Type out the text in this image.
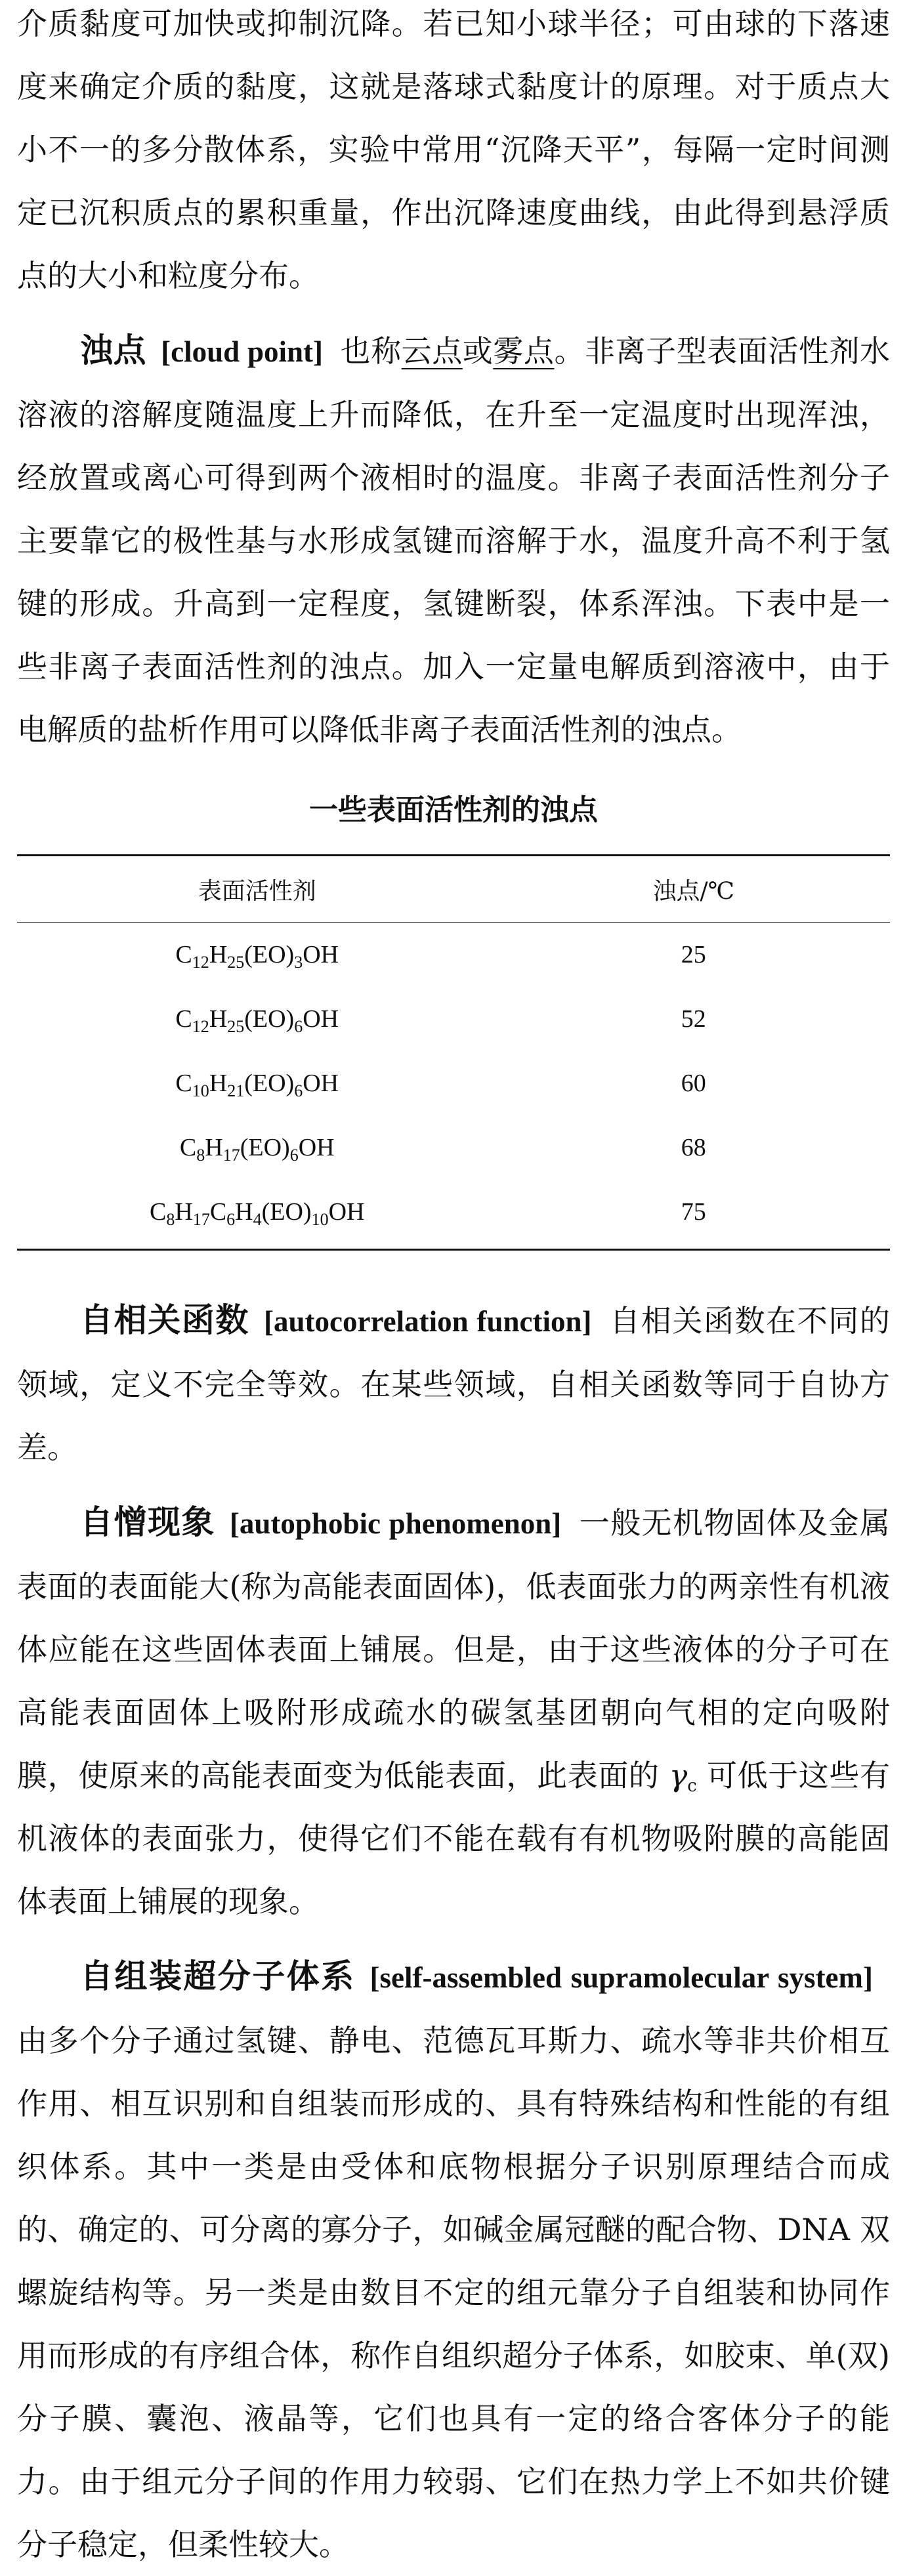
介质黏度可加快或抑制沉降。若已知小球半径；可由球的下落速度来确定介质的黏度，这就是落球式黏度计的原理。对于质点大小不一的多分散体系，实验中常用“沉降天平”，每隔一定时间测定已沉积质点的累积重量，作出沉降速度曲线，由此得到悬浮质点的大小和粒度分布。

浊点 [cloud point] 也称云点或雾点。非离子型表面活性剂水溶液的溶解度随温度上升而降低，在升至一定温度时出现浑浊，经放置或离心可得到两个液相时的温度。非离子表面活性剂分子主要靠它的极性基与水形成氢键而溶解于水，温度升高不利于氢键的形成。升高到一定程度，氢键断裂，体系浑浊。下表中是一些非离子表面活性剂的浊点。加入一定量电解质到溶液中，由于电解质的盐析作用可以降低非离子表面活性剂的浊点。

一些表面活性剂的浊点
表面活性剂	浊点/℃
$C_{12}H_{25}(EO)_3OH$	25
$C_{12}H_{25}(EO)_6OH$	52
$C_{10}H_{21}(EO)_6OH$	60
$C_8H_{17}(EO)_6OH$	68
$C_8H_{17}C_6H_4(EO)_{10}OH$	75

自相关函数 [autocorrelation function] 自相关函数在不同的领域，定义不完全等效。在某些领域，自相关函数等同于自协方差。

自憎现象 [autophobic phenomenon] 一般无机物固体及金属表面的表面能大(称为高能表面固体)，低表面张力的两亲性有机液体应能在这些固体表面上铺展。但是，由于这些液体的分子可在高能表面固体上吸附形成疏水的碳氢基团朝向气相的定向吸附膜，使原来的高能表面变为低能表面，此表面的 $\gamma_c$ 可低于这些有机液体的表面张力，使得它们不能在载有有机物吸附膜的高能固体表面上铺展的现象。

自组装超分子体系 [self-assembled supramolecular system]由多个分子通过氢键、静电、范德瓦耳斯力、疏水等非共价相互作用、相互识别和自组装而形成的、具有特殊结构和性能的有组织体系。其中一类是由受体和底物根据分子识别原理结合而成的、确定的、可分离的寡分子，如碱金属冠醚的配合物、DNA 双螺旋结构等。另一类是由数目不定的组元靠分子自组装和协同作用而形成的有序组合体，称作自组织超分子体系，如胶束、单(双)分子膜、囊泡、液晶等，它们也具有一定的络合客体分子的能力。由于组元分子间的作用力较弱、它们在热力学上不如共价键分子稳定，但柔性较大。
